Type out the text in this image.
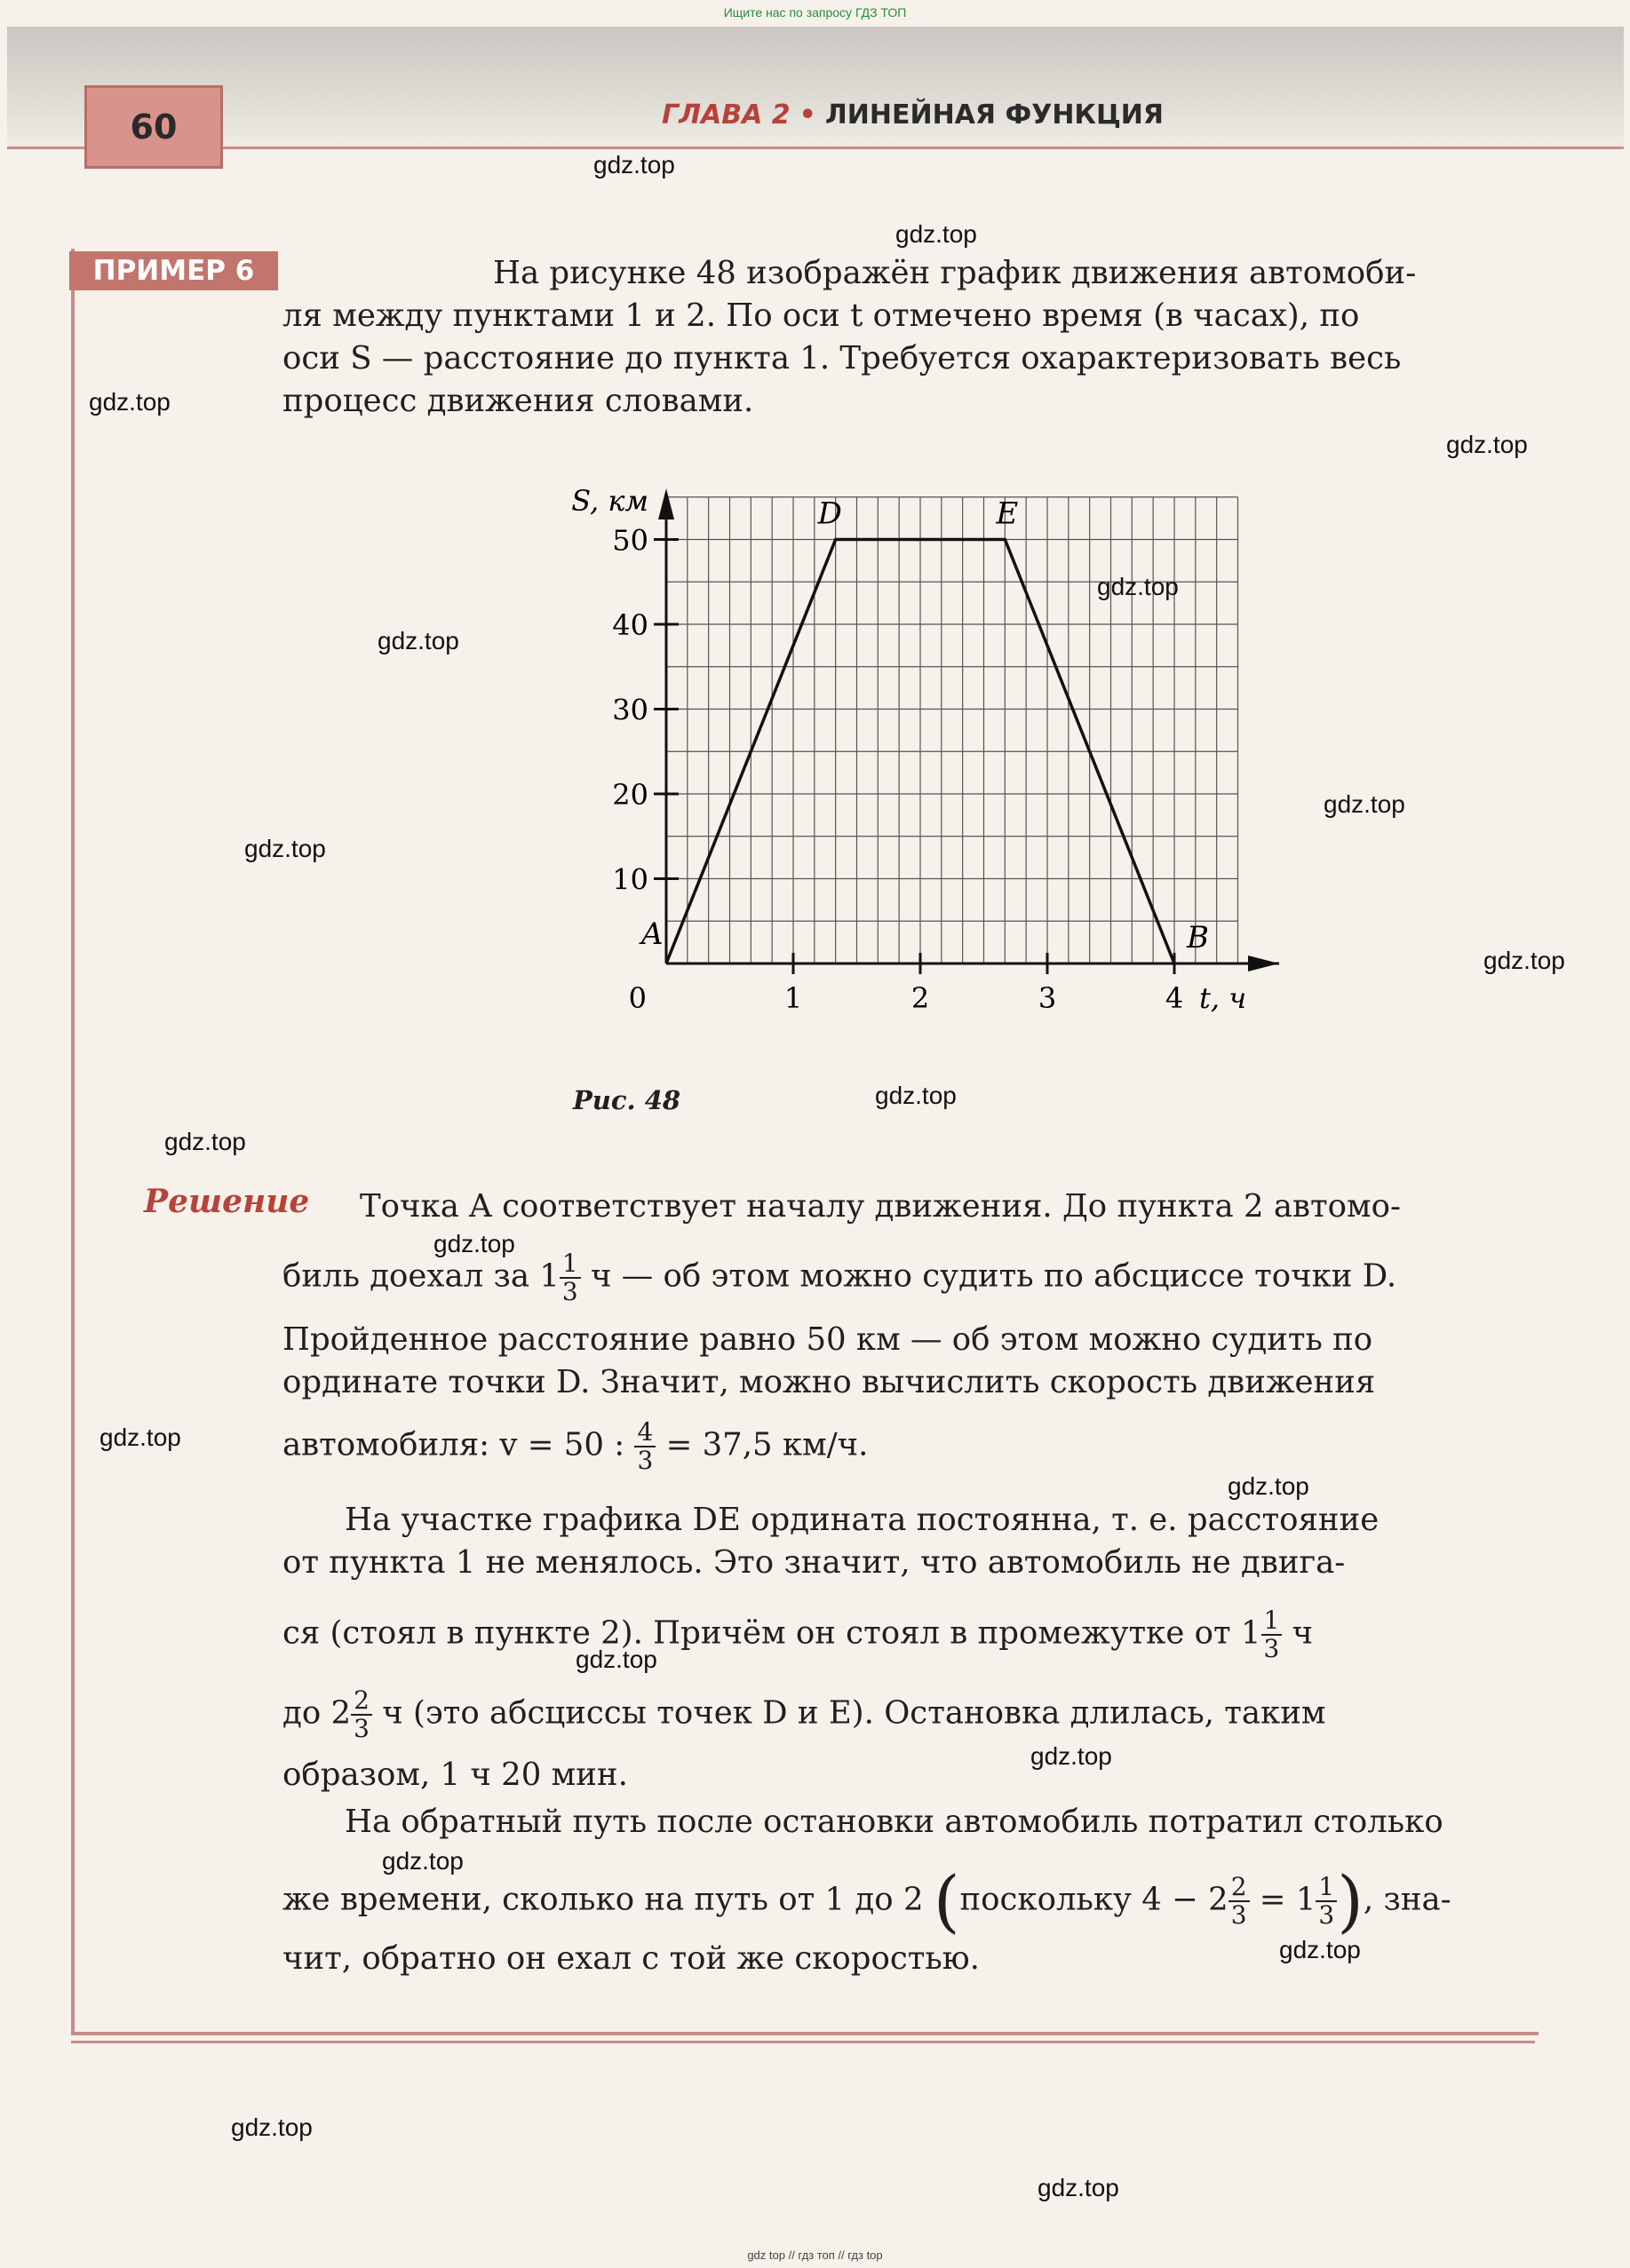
Ищите нас по запросу ГДЗ ТОП
60	ГЛАВА 2 • ЛИНЕЙНАЯ ФУНКЦИЯ
ПРИМЕР 6	На рисунке 48 изображён график движения автомоби-
ля между пунктами 1 и 2. По оси t отмечено время (в часах), по
оси S — расстояние до пункта 1. Требуется охарактеризовать весь
процесс движения словами.
10
20
30
40
50
1	2	3	4
0
S, км
t, ч
A
D	E
B
Рис. 48
Решение Точка A соответствует началу движения. До пункта 2 автомо-
биль доехал за $1 \frac{1}{3}$ ч — об этом можно судить по абсциссе точки D.
Пройденное расстояние равно 50 км — об этом можно судить по
ординате точки D. Значит, можно вычислить скорость движения
автомобиля: v = 50 : $\frac{4}{3} = 37,5$ км/ч.
На участке графика DE ордината постоянна, т. е. расстояние
от пункта 1 не менялось. Это значит, что автомобиль не двига-
ся (стоял в пункте 2). Причём он стоял в промежутке от $1 \frac{1}{3}$ ч
до $2 \frac{2}{3}$ ч (это абсциссы точек D и E). Остановка длилась, таким
образом, 1 ч 20 мин.
На обратный путь после остановки автомобиль потратил столько
же времени, сколько на путь от 1 до 2 (поскольку $4 - 2 \frac{2}{3} = 1 \frac{1}{3}$ ), зна-
чит, обратно он ехал с той же скоростью.
gdz.top
gdz.top
gdz.top
gdz.top
gdz.top
gdz.top
gdz.top
gdz.top
gdz.top
gdz.top
gdz.top
gdz.top
gdz.top
gdz.top
gdz.top
gdz.top
gdz.top
gdz.top
gdz.top
gdz.top
gdz top // гдз топ // гдз top
